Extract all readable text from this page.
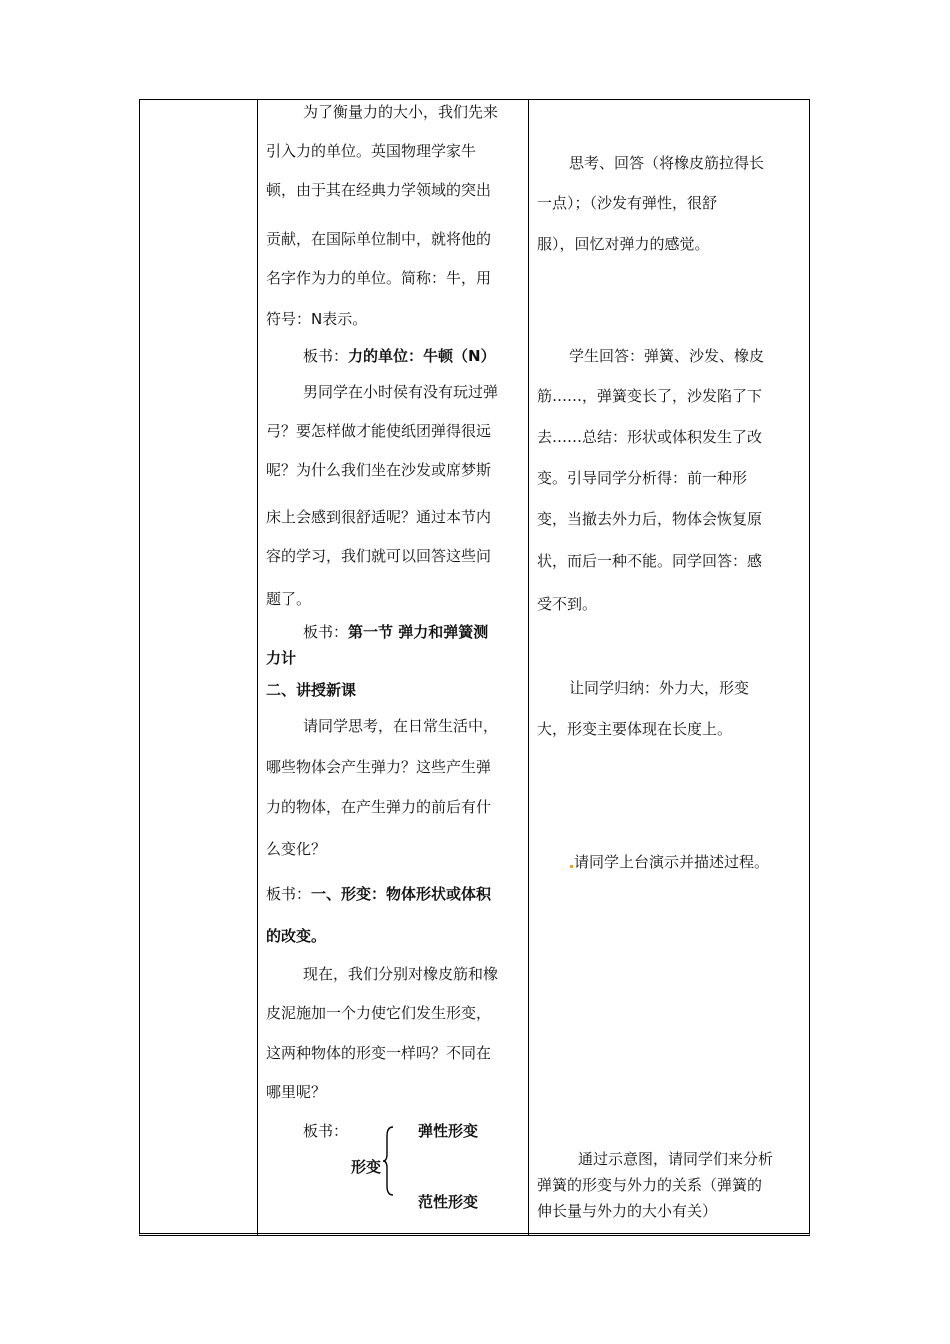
为了衡量力的大小，我们先来
引入力的单位。英国物理学家牛
顿，由于其在经典力学领域的突出
贡献，在国际单位制中，就将他的
名字作为力的单位。简称：牛，用
符号：N表示。
板书：力的单位：牛顿（N）
男同学在小时侯有没有玩过弹
弓？要怎样做才能使纸团弹得很远
呢？为什么我们坐在沙发或席梦斯
床上会感到很舒适呢？通过本节内
容的学习，我们就可以回答这些问
题了。
板书：第一节 弹力和弹簧测
力计
二、讲授新课
请同学思考，在日常生活中，
哪些物体会产生弹力？这些产生弹
力的物体，在产生弹力的前后有什
么变化？
板书：一、形变：物体形状或体积
的改变。
现在，我们分别对橡皮筋和橡
皮泥施加一个力使它们发生形变，
这两种物体的形变一样吗？不同在
哪里呢？
板书：	弹性形变
形变
范性形变
思考、回答（将橡皮筋拉得长
一点）；（沙发有弹性，很舒
服），回忆对弹力的感觉。
学生回答：弹簧、沙发、橡皮
筋……，弹簧变长了，沙发陷了下
去……总结：形状或体积发生了改
变。引导同学分析得：前一种形
变，当撤去外力后，物体会恢复原
状，而后一种不能。同学回答：感
受不到。
让同学归纳：外力大，形变
大，形变主要体现在长度上。
请同学上台演示并描述过程。
通过示意图，请同学们来分析
弹簧的形变与外力的关系（弹簧的
伸长量与外力的大小有关）
